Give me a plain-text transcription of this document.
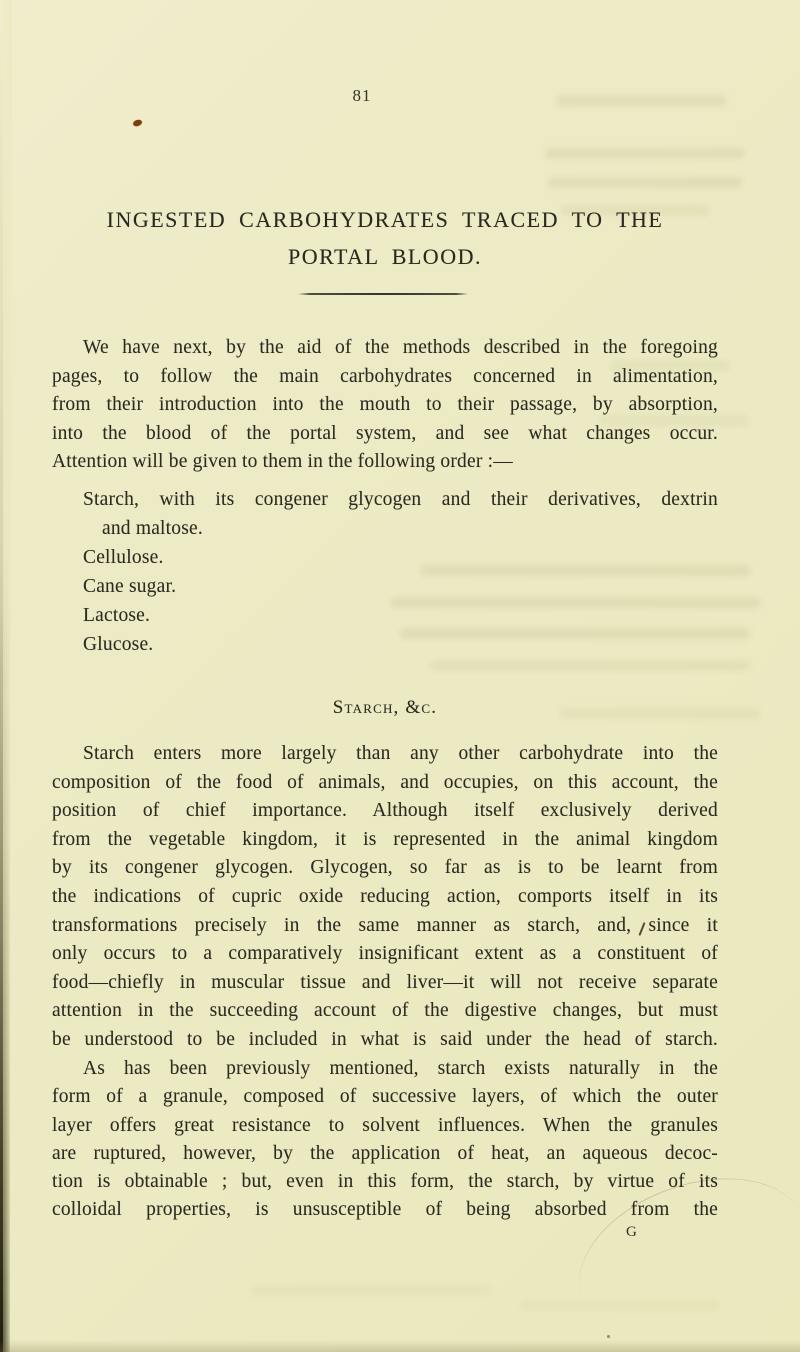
81
INGESTED CARBOHYDRATES TRACED TO THE
PORTAL BLOOD.
We have next, by the aid of the methods described in the foregoing
pages, to follow the main carbohydrates concerned in alimentation,
from their introduction into the mouth to their passage, by absorption,
into the blood of the portal system, and see what changes occur.
Attention will be given to them in the following order :—
Starch, with its congener glycogen and their derivatives, dextrin
and maltose.
Cellulose.
Cane sugar.
Lactose.
Glucose.
Starch, &c.
Starch enters more largely than any other carbohydrate into the
composition of the food of animals, and occupies, on this account, the
position of chief importance. Although itself exclusively derived
from the vegetable kingdom, it is represented in the animal kingdom
by its congener glycogen. Glycogen, so far as is to be learnt from
the indications of cupric oxide reducing action, comports itself in its
transformations precisely in the same manner as starch, and, since it
only occurs to a comparatively insignificant extent as a constituent of
food—chiefly in muscular tissue and liver—it will not receive separate
attention in the succeeding account of the digestive changes, but must
be understood to be included in what is said under the head of starch.
As has been previously mentioned, starch exists naturally in the
form of a granule, composed of successive layers, of which the outer
layer offers great resistance to solvent influences. When the granules
are ruptured, however, by the application of heat, an aqueous decoc-
tion is obtainable ; but, even in this form, the starch, by virtue of its
colloidal properties, is unsusceptible of being absorbed from the
G
